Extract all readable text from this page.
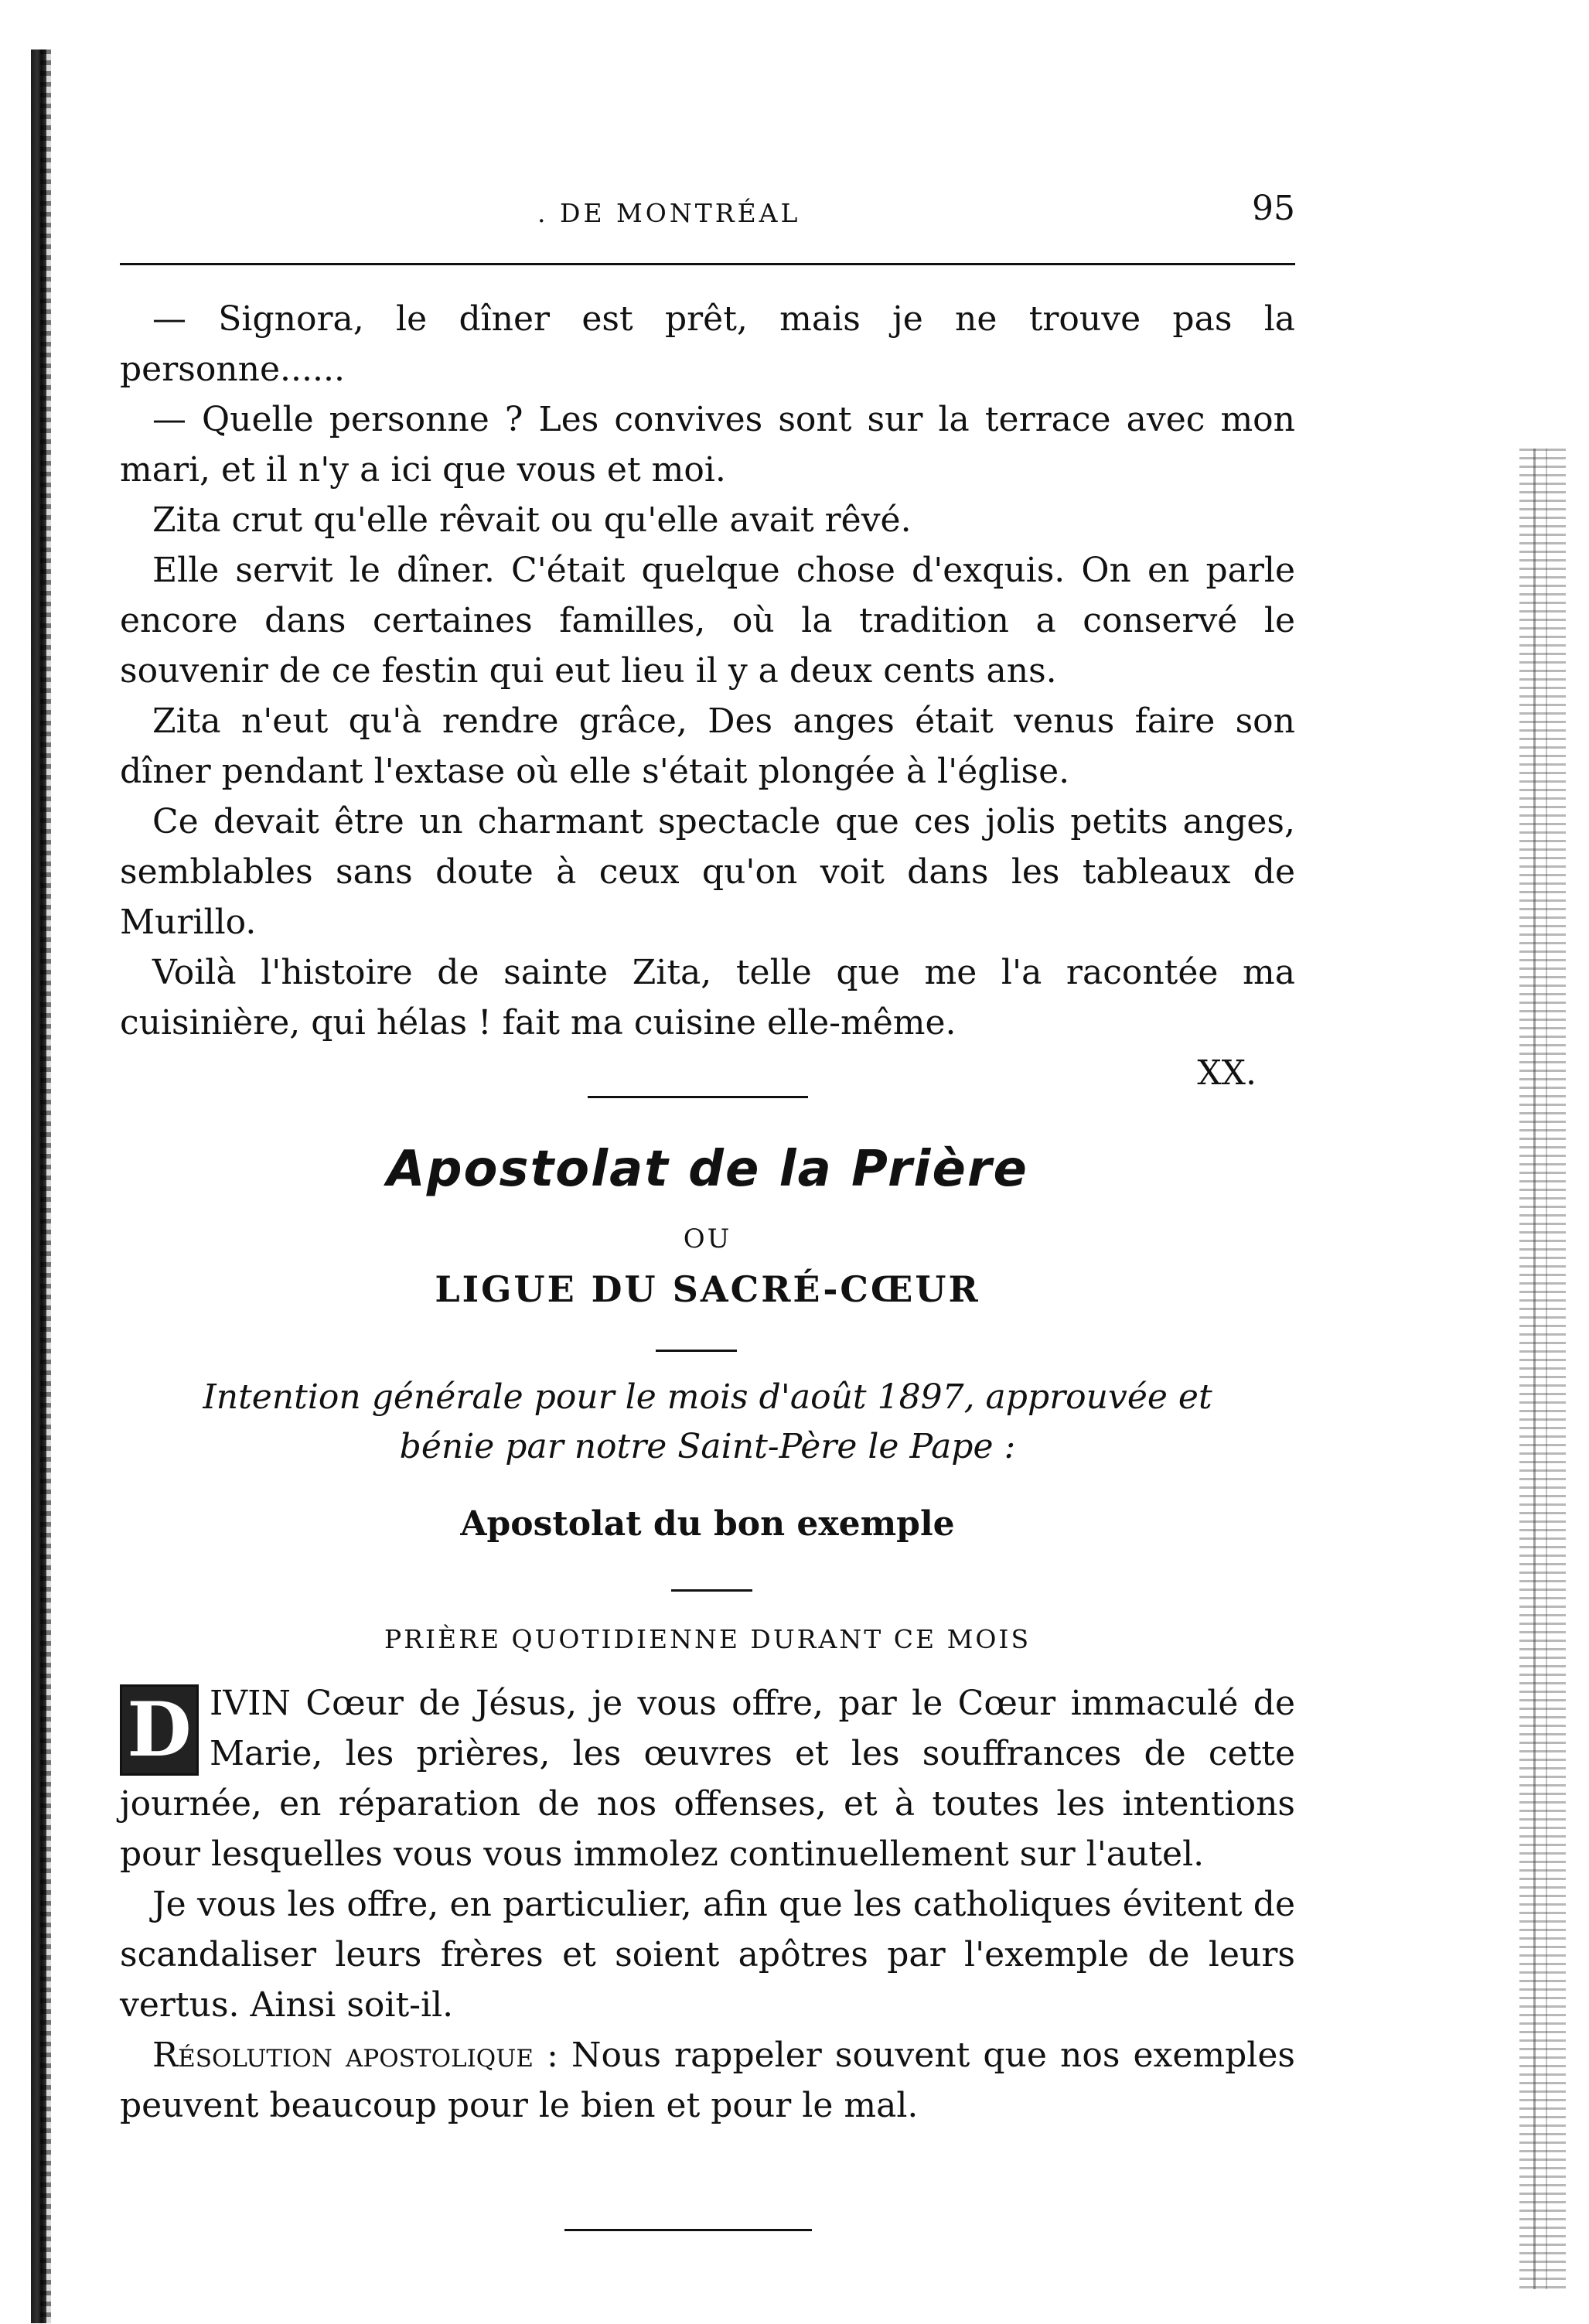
. DE MONTRÉAL	95

— Signora, le dîner est prêt, mais je ne trouve pas la personne......

— Quelle personne ? Les convives sont sur la terrace avec mon mari, et il n'y a ici que vous et moi.

Zita crut qu'elle rêvait ou qu'elle avait rêvé.

Elle servit le dîner. C'était quelque chose d'exquis. On en parle encore dans certaines familles, où la tradition a conservé le souvenir de ce festin qui eut lieu il y a deux cents ans.

Zita n'eut qu'à rendre grâce, Des anges était venus faire son dîner pendant l'extase où elle s'était plongée à l'église.

Ce devait être un charmant spectacle que ces jolis petits anges, semblables sans doute à ceux qu'on voit dans les tableaux de Murillo.

Voilà l'histoire de sainte Zita, telle que me l'a racontée ma cuisinière, qui hélas ! fait ma cuisine elle-même.

XX.

Apostolat de la Prière
OU
LIGUE DU SACRÉ-CŒUR
Intention générale pour le mois d'août 1897, approuvée et
bénie par notre Saint-Père le Pape :
Apostolat du bon exemple
PRIÈRE QUOTIDIENNE DURANT CE MOIS

D IVIN Cœur de Jésus, je vous offre, par le Cœur immaculé de Marie, les prières, les œuvres et les souffrances de cette journée, en réparation de nos offenses, et à toutes les intentions pour lesquelles vous vous immolez continuellement sur l'autel.

Je vous les offre, en particulier, afin que les catholiques évitent de scandaliser leurs frères et soient apôtres par l'exemple de leurs vertus. Ainsi soit-il.

Résolution apostolique : Nous rappeler souvent que nos exemples peuvent beaucoup pour le bien et pour le mal.
